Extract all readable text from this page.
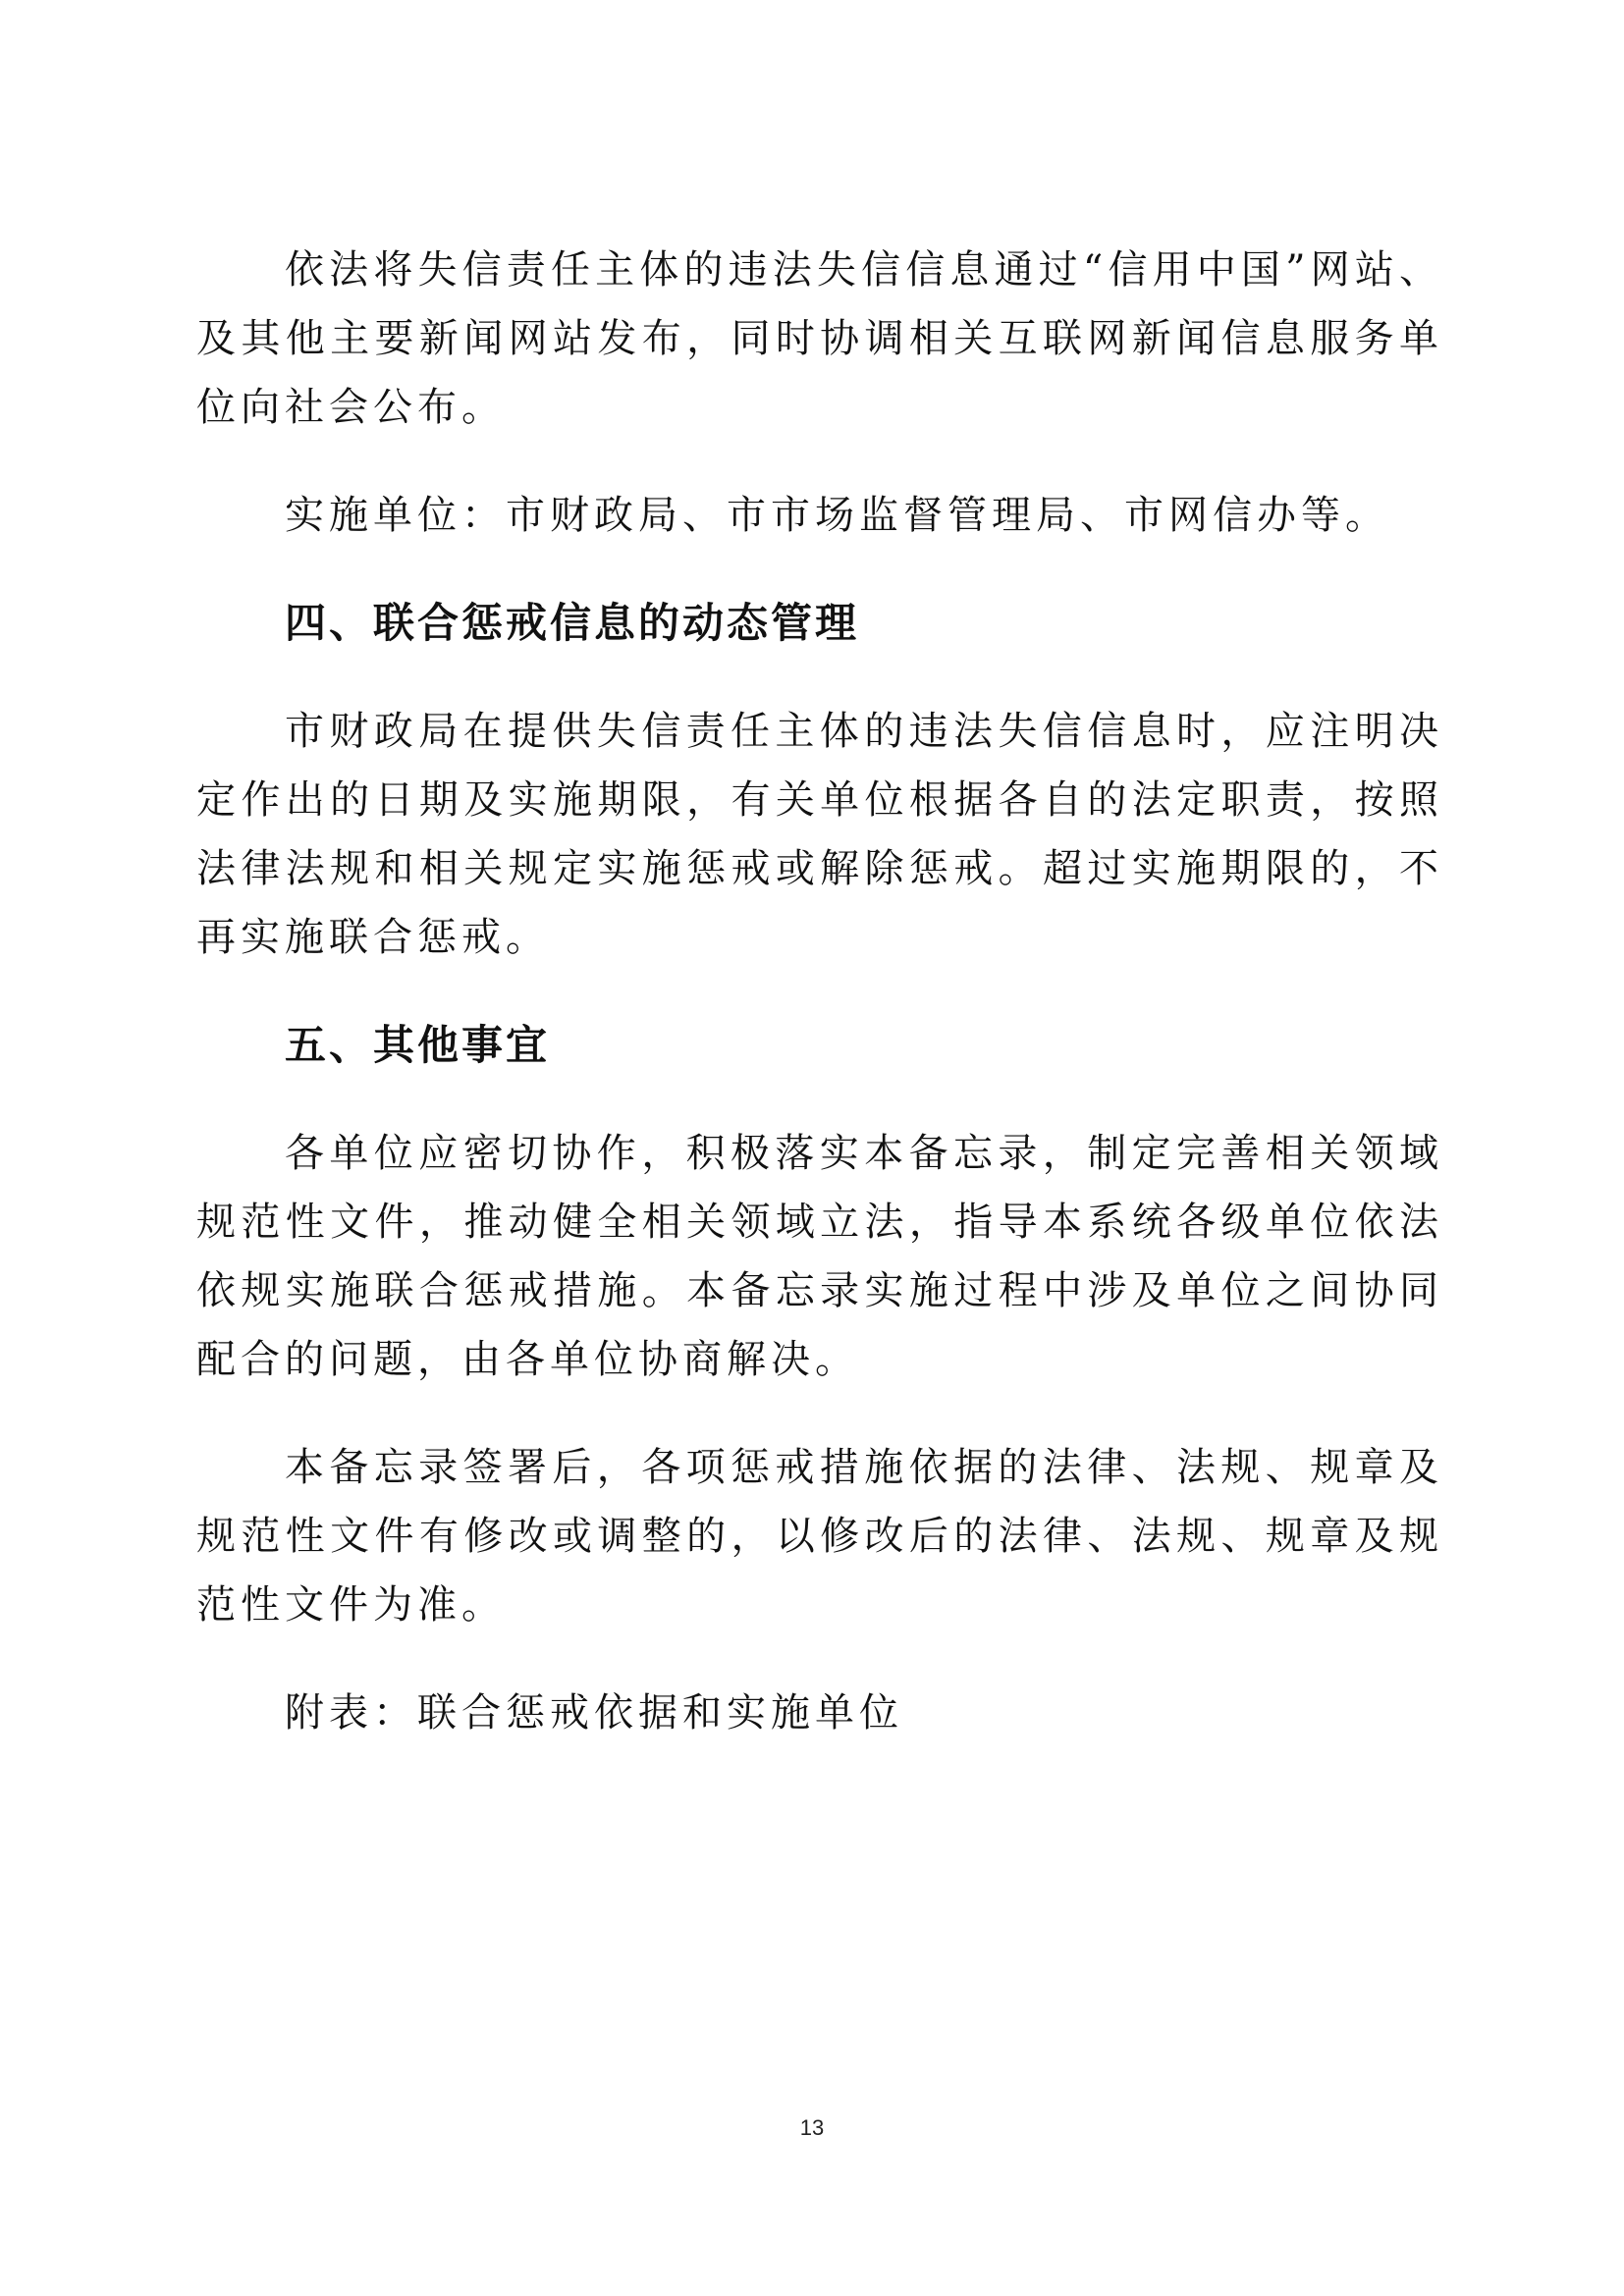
依法将失信责任主体的违法失信信息通过“信用中国”网站、及其他主要新闻网站发布，同时协调相关互联网新闻信息服务单位向社会公布。

实施单位：市财政局、市市场监督管理局、市网信办等。

四、联合惩戒信息的动态管理

市财政局在提供失信责任主体的违法失信信息时，应注明决定作出的日期及实施期限，有关单位根据各自的法定职责，按照法律法规和相关规定实施惩戒或解除惩戒。超过实施期限的，不再实施联合惩戒。

五、其他事宜

各单位应密切协作，积极落实本备忘录，制定完善相关领域规范性文件，推动健全相关领域立法，指导本系统各级单位依法依规实施联合惩戒措施。本备忘录实施过程中涉及单位之间协同配合的问题，由各单位协商解决。

本备忘录签署后，各项惩戒措施依据的法律、法规、规章及规范性文件有修改或调整的，以修改后的法律、法规、规章及规范性文件为准。

附表：联合惩戒依据和实施单位

13
